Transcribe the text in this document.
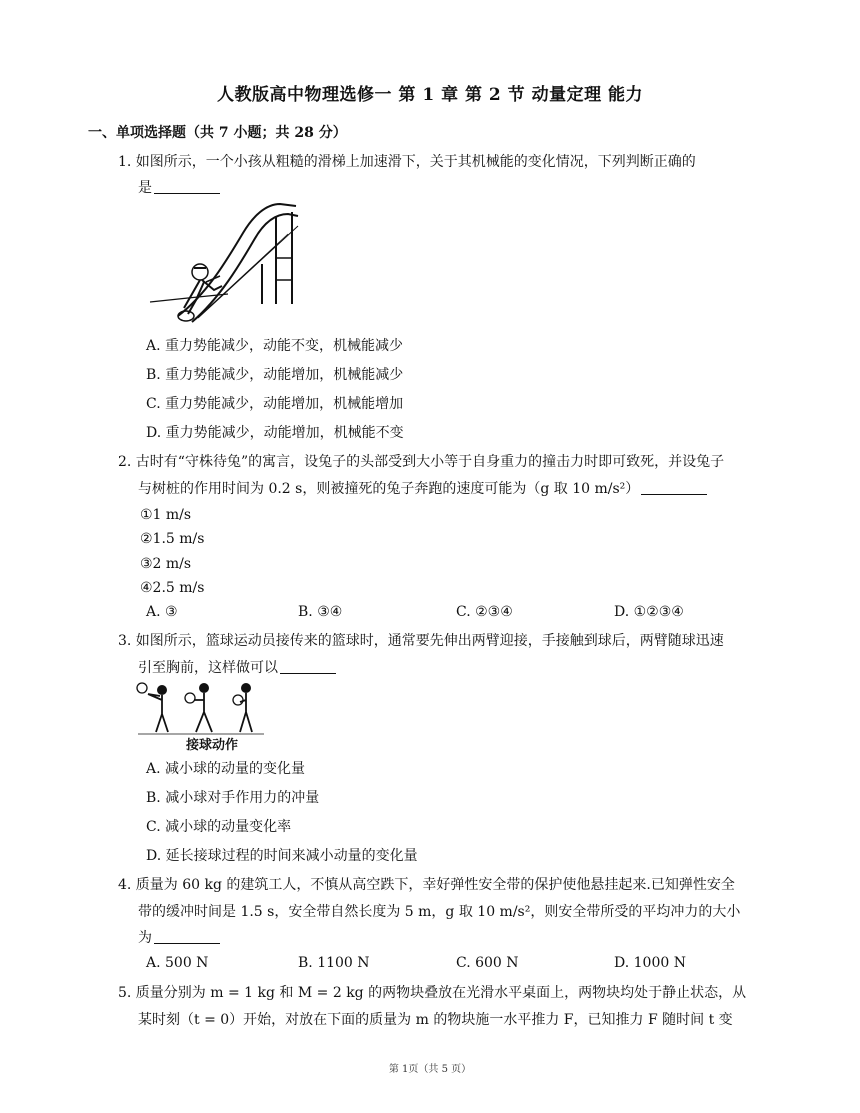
人教版高中物理选修一 第 1 章 第 2 节 动量定理 能力
一、单项选择题（共 7 小题；共 28 分）
1. 如图所示，一个小孩从粗糙的滑梯上加速滑下，关于其机械能的变化情况，下列判断正确的
是
A. 重力势能减少，动能不变，机械能减少
B. 重力势能减少，动能增加，机械能减少
C. 重力势能减少，动能增加，机械能增加
D. 重力势能减少，动能增加，机械能不变
2. 古时有“守株待兔”的寓言，设兔子的头部受到大小等于自身重力的撞击力时即可致死，并设兔子
与树桩的作用时间为 0.2 s，则被撞死的兔子奔跑的速度可能为（g 取 10 m/s²）
①1 m/s
②1.5 m/s
③2 m/s
④2.5 m/s
A. ③	B. ③④	C. ②③④	D. ①②③④
3. 如图所示，篮球运动员接传来的篮球时，通常要先伸出两臂迎接，手接触到球后，两臂随球迅速
引至胸前，这样做可以
接球动作
A. 减小球的动量的变化量
B. 减小球对手作用力的冲量
C. 减小球的动量变化率
D. 延长接球过程的时间来减小动量的变化量
4. 质量为 60 kg 的建筑工人，不慎从高空跌下，幸好弹性安全带的保护使他悬挂起来.已知弹性安全
带的缓冲时间是 1.5 s，安全带自然长度为 5 m，g 取 10 m/s²，则安全带所受的平均冲力的大小
为
A. 500 N	B. 1100 N	C. 600 N	D. 1000 N
5. 质量分别为 m = 1 kg 和 M = 2 kg 的两物块叠放在光滑水平桌面上，两物块均处于静止状态，从
某时刻（t = 0）开始，对放在下面的质量为 m 的物块施一水平推力 F，已知推力 F 随时间 t 变
第 1页（共 5 页）
